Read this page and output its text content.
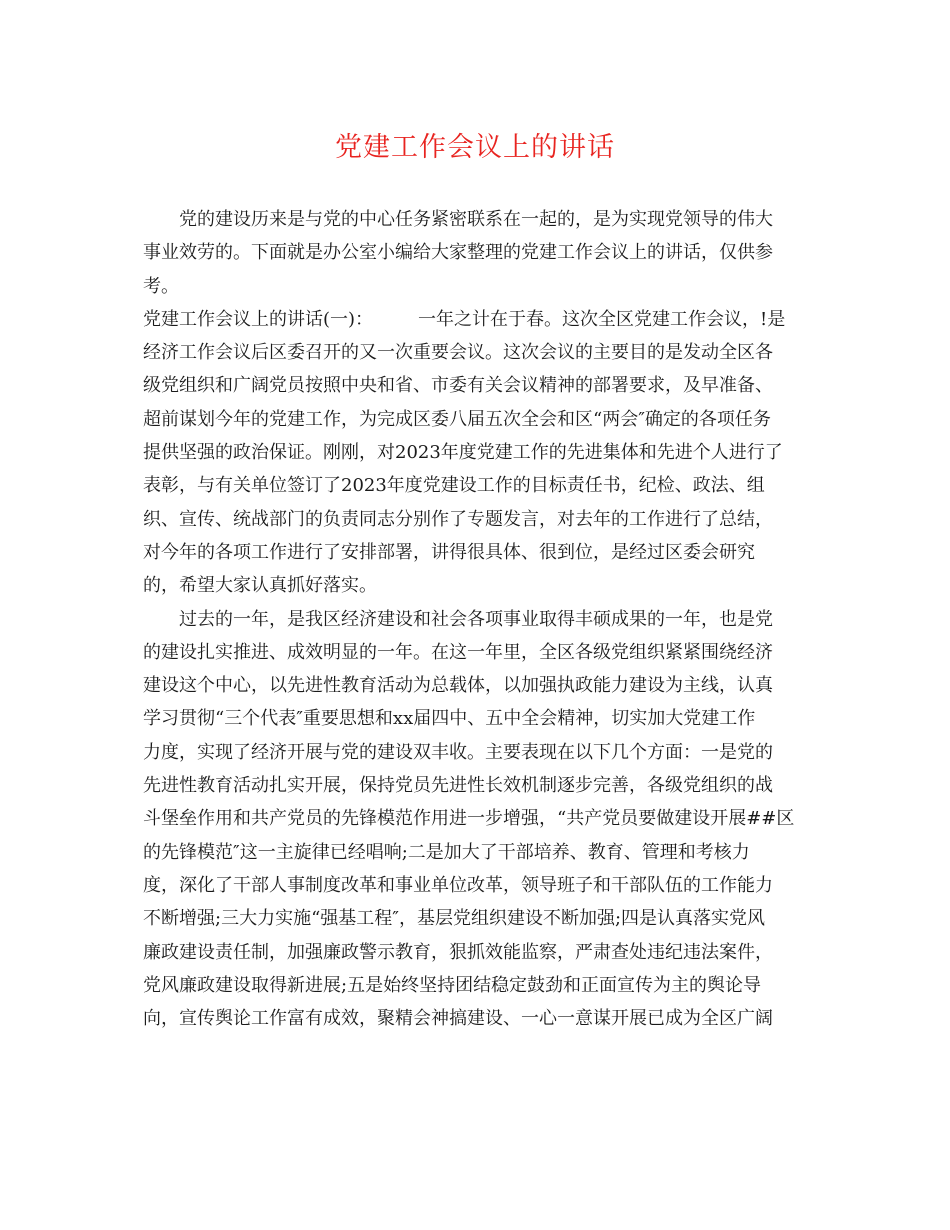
党建工作会议上的讲话
党的建设历来是与党的中心任务紧密联系在一起的，是为实现党领导的伟大
事业效劳的。下面就是办公室小编给大家整理的党建工作会议上的讲话，仅供参
考。
党建工作会议上的讲话(一)：　　　一年之计在于春。这次全区党建工作会议，!是
经济工作会议后区委召开的又一次重要会议。这次会议的主要目的是发动全区各
级党组织和广阔党员按照中央和省、市委有关会议精神的部署要求，及早准备、
超前谋划今年的党建工作，为完成区委八届五次全会和区“两会″确定的各项任务
提供坚强的政治保证。刚刚，对2023年度党建工作的先进集体和先进个人进行了
表彰，与有关单位签订了2023年度党建设工作的目标责任书，纪检、政法、组
织、宣传、统战部门的负责同志分别作了专题发言，对去年的工作进行了总结，
对今年的各项工作进行了安排部署，讲得很具体、很到位，是经过区委会研究
的，希望大家认真抓好落实。
过去的一年，是我区经济建设和社会各项事业取得丰硕成果的一年，也是党
的建设扎实推进、成效明显的一年。在这一年里，全区各级党组织紧紧围绕经济
建设这个中心，以先进性教育活动为总载体，以加强执政能力建设为主线，认真
学习贯彻“三个代表″重要思想和xx届四中、五中全会精神，切实加大党建工作
力度，实现了经济开展与党的建设双丰收。主要表现在以下几个方面：一是党的
先进性教育活动扎实开展，保持党员先进性长效机制逐步完善，各级党组织的战
斗堡垒作用和共产党员的先锋模范作用进一步增强，“共产党员要做建设开展##区
的先锋模范″这一主旋律已经唱响;二是加大了干部培养、教育、管理和考核力
度，深化了干部人事制度改革和事业单位改革，领导班子和干部队伍的工作能力
不断增强;三大力实施“强基工程″，基层党组织建设不断加强;四是认真落实党风
廉政建设责任制，加强廉政警示教育，狠抓效能监察，严肃查处违纪违法案件，
党风廉政建设取得新进展;五是始终坚持团结稳定鼓劲和正面宣传为主的舆论导
向，宣传舆论工作富有成效，聚精会神搞建设、一心一意谋开展已成为全区广阔
